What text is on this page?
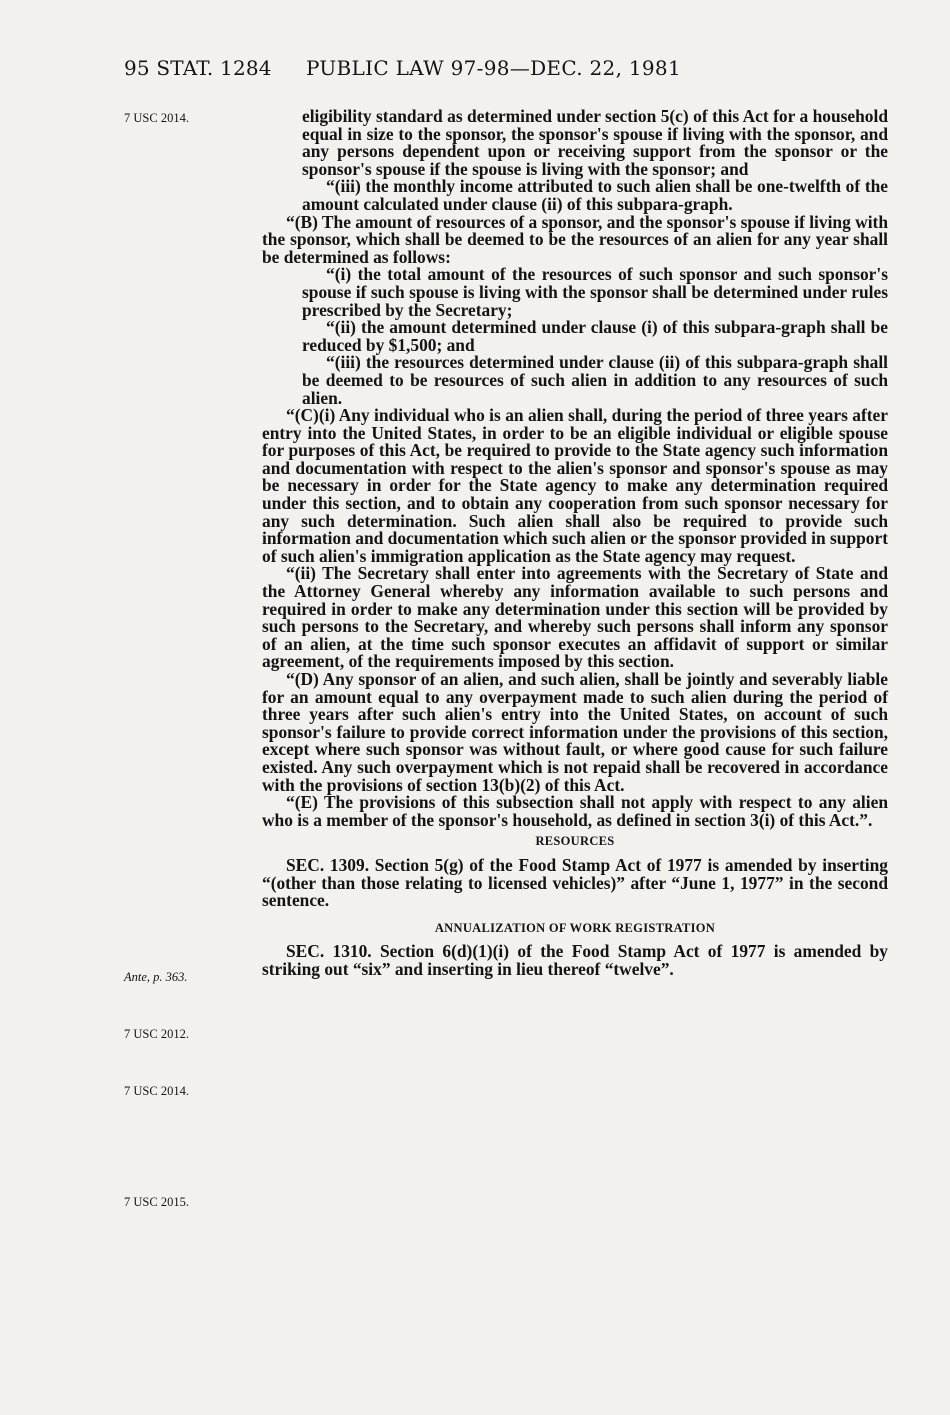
95 STAT. 1284 PUBLIC LAW 97-98—DEC. 22, 1981
7 USC 2014.
Ante, p. 363.
7 USC 2012.
7 USC 2014.
7 USC 2015.

eligibility standard as determined under section 5(c) of this Act for a household equal in size to the sponsor, the sponsor's spouse if living with the sponsor, and any persons dependent upon or receiving support from the sponsor or the sponsor's spouse if the spouse is living with the sponsor; and

“(iii) the monthly income attributed to such alien shall be one-twelfth of the amount calculated under clause (ii) of this subpara-graph.

“(B) The amount of resources of a sponsor, and the sponsor's spouse if living with the sponsor, which shall be deemed to be the resources of an alien for any year shall be determined as follows:

“(i) the total amount of the resources of such sponsor and such sponsor's spouse if such spouse is living with the sponsor shall be determined under rules prescribed by the Secretary;

“(ii) the amount determined under clause (i) of this subpara-graph shall be reduced by $1,500; and

“(iii) the resources determined under clause (ii) of this subpara-graph shall be deemed to be resources of such alien in addition to any resources of such alien.

“(C)(i) Any individual who is an alien shall, during the period of three years after entry into the United States, in order to be an eligible individual or eligible spouse for purposes of this Act, be required to provide to the State agency such information and documentation with respect to the alien's sponsor and sponsor's spouse as may be necessary in order for the State agency to make any determination required under this section, and to obtain any cooperation from such sponsor necessary for any such determination. Such alien shall also be required to provide such information and documentation which such alien or the sponsor provided in support of such alien's immigration application as the State agency may request.

“(ii) The Secretary shall enter into agreements with the Secretary of State and the Attorney General whereby any information available to such persons and required in order to make any determination under this section will be provided by such persons to the Secretary, and whereby such persons shall inform any sponsor of an alien, at the time such sponsor executes an affidavit of support or similar agreement, of the requirements imposed by this section.

“(D) Any sponsor of an alien, and such alien, shall be jointly and severably liable for an amount equal to any overpayment made to such alien during the period of three years after such alien's entry into the United States, on account of such sponsor's failure to provide correct information under the provisions of this section, except where such sponsor was without fault, or where good cause for such failure existed. Any such overpayment which is not repaid shall be recovered in accordance with the provisions of section 13(b)(2) of this Act.

“(E) The provisions of this subsection shall not apply with respect to any alien who is a member of the sponsor's household, as defined in section 3(i) of this Act.”.

RESOURCES

SEC. 1309. Section 5(g) of the Food Stamp Act of 1977 is amended by inserting “(other than those relating to licensed vehicles)” after “June 1, 1977” in the second sentence.

ANNUALIZATION OF WORK REGISTRATION

SEC. 1310. Section 6(d)(1)(i) of the Food Stamp Act of 1977 is amended by striking out “six” and inserting in lieu thereof “twelve”.
